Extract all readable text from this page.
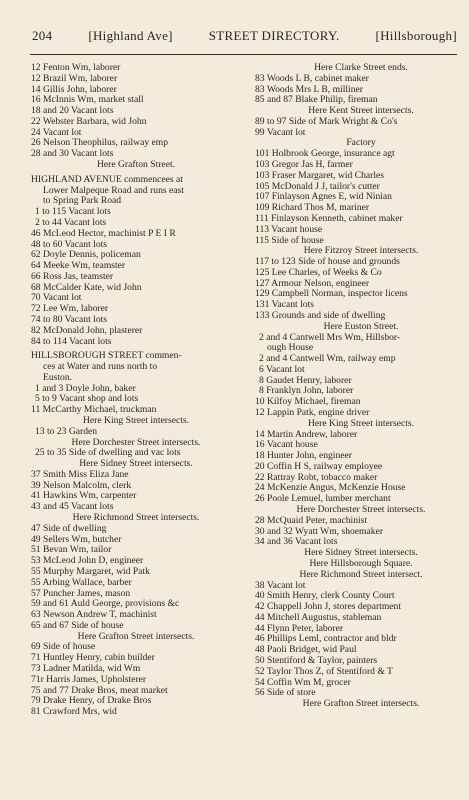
204	[Highland Ave]	STREET DIRECTORY.	[Hillsborough]
12 Fenton Wm, laborer
12 Brazil Wm, laborer
14 Gillis John, laborer
16 McInnis Wm, market stall
18 and 20 Vacant lots
22 Webster Barbara, wid John
24 Vacant lot
26 Nelson Theophilus, railway emp
28 and 30 Vacant lots
Here Grafton Street.
HIGHLAND AVENUE commencees at
Lower Malpeque Road and runs east
to Spring Park Road
1 to 115 Vacant lots
2 to 44 Vacant lots
46 McLeod Hector, machinist P E I R
48 to 60 Vacant lots
62 Doyle Dennis, policeman
64 Meeke Wm, teamster
66 Ross Jas, teamster
68 McCalder Kate, wid John
70 Vacant lot
72 Lee Wm, laborer
74 to 80 Vacant lots
82 McDonald John, plasterer
84 to 114 Vacant lots
HILLSBOROUGH STREET commen-
ces at Water and runs north to
Euston.
1 and 3 Doyle John, baker
5 to 9 Vacant shop and lots
11 McCarthy Michael, truckman
Here King Street intersects.
13 to 23 Garden
Here Dorchester Street intersects.
25 to 35 Side of dwelling and vac lots
Here Sidney Street intersects.
37 Smith Miss Eliza Jane
39 Nelson Malcolm, clerk
41 Hawkins Wm, carpenter
43 and 45 Vacant lots
Here Richmond Street intersects.
47 Side of dwelling
49 Sellers Wm, butcher
51 Bevan Wm, tailor
53 McLeod John D, engineer
55 Murphy Margaret, wid Patk
55 Arbing Wallace, barber
57 Puncher James, mason
59 and 61 Auld George, provisions &c
63 Newson Andrew T, machinist
65 and 67 Side of house
Here Grafton Street intersects.
69 Side of house
71 Huntley Henry, cabin builder
73 Ladner Matilda, wid Wm
71r Harris James, Upholsterer
75 and 77 Drake Bros, meat market
79 Drake Henry, of Drake Bros
81 Crawford Mrs, wid
Here Clarke Street ends.
83 Woods L B, cabinet maker
83 Woods Mrs L B, milliner
85 and 87 Blake Philip, fireman
Here Kent Street intersects.
89 to 97 Side of Mark Wright & Co's
99 Vacant lot
Factory
101 Holbrook George, insurance agt
103 Gregor Jas H, farmer
103 Fraser Margaret, wid Charles
105 McDonald J J, tailor's cutter
107 Finlayson Agnes E, wid Ninian
109 Richard Thos M, mariner
111 Finlayson Kenneth, cabinet maker
113 Vacant house
115 Side of house
Here Fitzroy Street intersects.
117 to 123 Side of house and grounds
125 Lee Charles, of Weeks & Co
127 Armour Nelson, engineer
129 Campbell Norman, inspector licens
131 Vacant lots
133 Grounds and side of dwelling
Here Euston Street.
2 and 4 Cantwell Mrs Wm, Hillsbor-
ough House
2 and 4 Cantwell Wm, railway emp
6 Vacant lot
8 Gaudet Henry, laborer
8 Franklyn John, laborer
10 Kilfoy Michael, fireman
12 Lappin Patk, engine driver
Here King Street intersects.
14 Martin Andrew, laborer
16 Vacant house
18 Hunter John, engineer
20 Coffin H S, railway employee
22 Rattray Robt, tobacco maker
24 McKenzie Angus, McKenzie House
26 Poole Lemuel, lumber merchant
Here Dorchester Street intersects.
28 McQuaid Peter, machinist
30 and 32 Wyatt Wm, shoemaker
34 and 36 Vacant lots
Here Sidney Street intersects.
Here Hillsborough Square.
Here Richmond Street intersect.
38 Vacant lot
40 Smith Henry, clerk County Court
42 Chappell John J, stores department
44 Mitchell Augustus, stableman
44 Flynn Peter, laborer
46 Phillips Leml, contractor and bldr
48 Paoli Bridget, wid Paul
50 Stentiford & Taylor, painters
52 Taylor Thos Z, of Stentiford & T
54 Coffin Wm M, grocer
56 Side of store
Here Grafton Street intersects.
